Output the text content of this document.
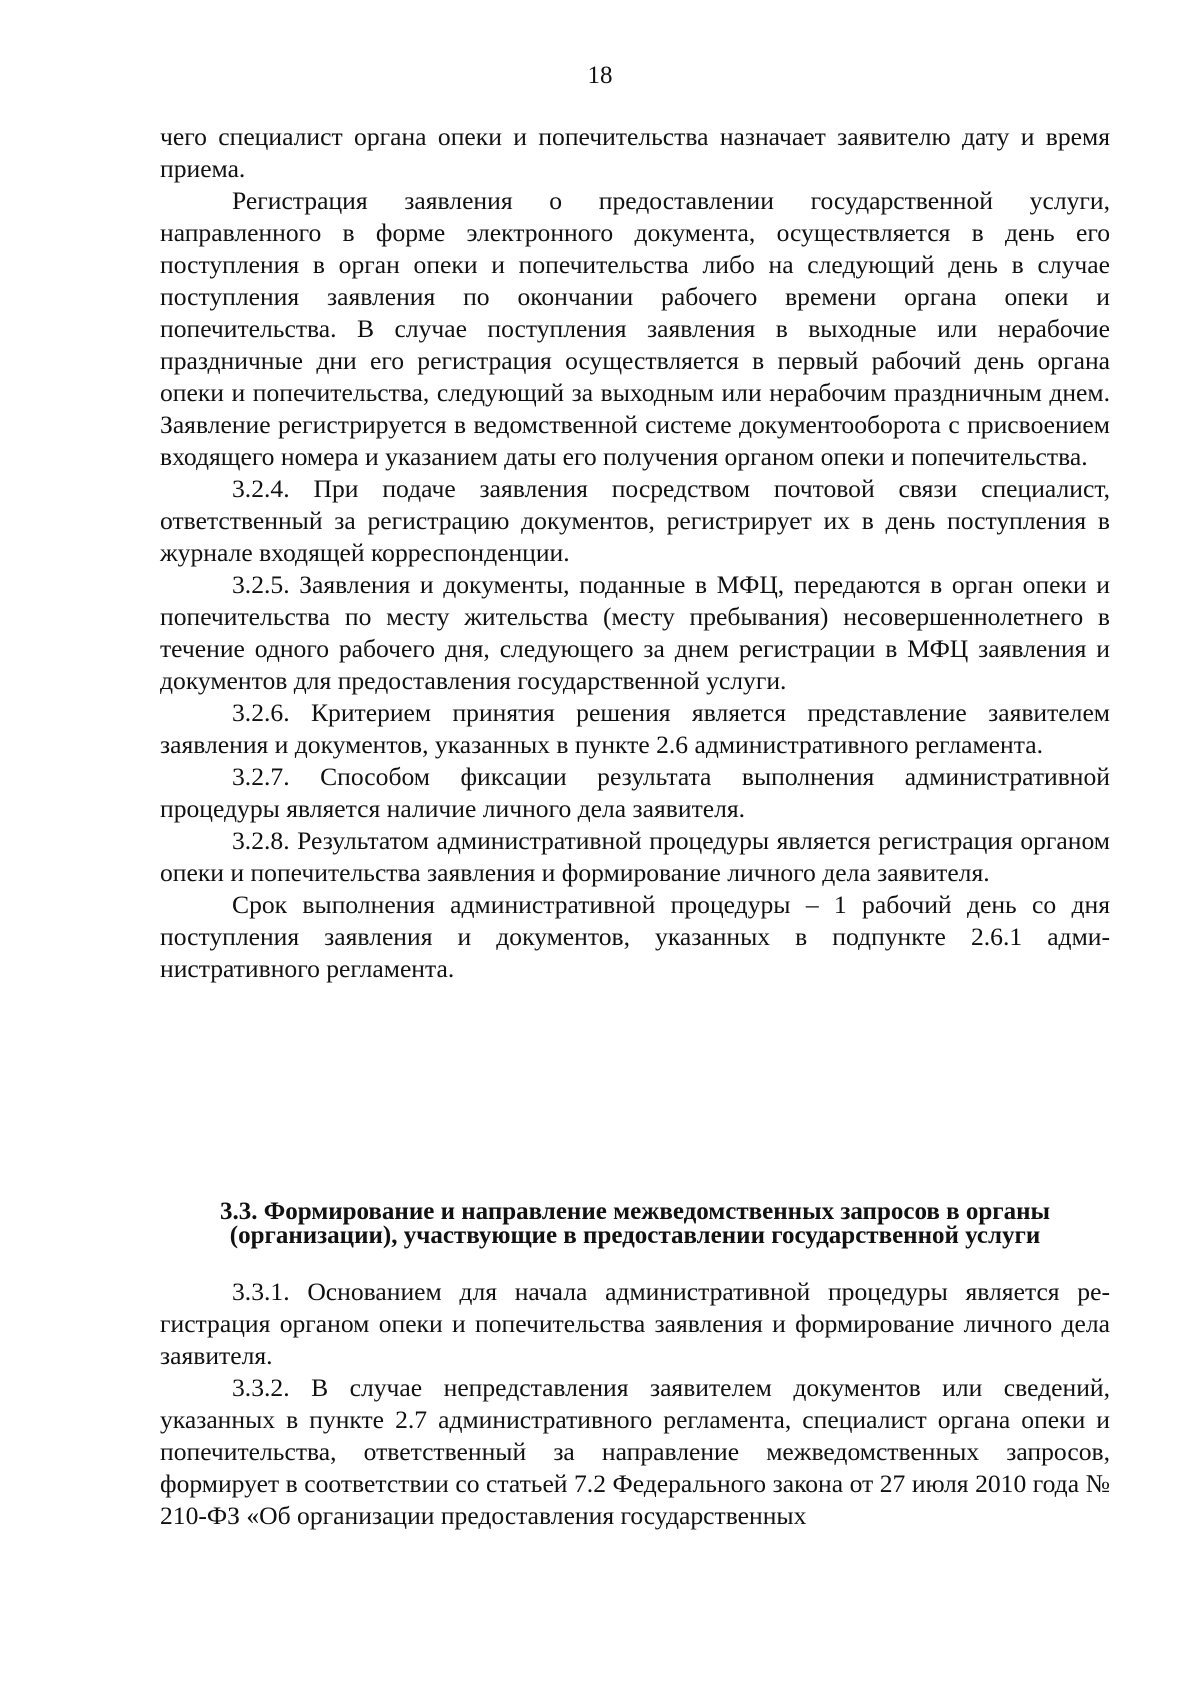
18

чего специалист органа опеки и попечительства назначает заявителю дату и время приема.

Регистрация заявления о предоставлении государственной услуги, направленного в форме электронного документа, осуществляется в день его поступления в орган опеки и попечительства либо на следующий день в случае поступления заявления по окончании рабочего времени органа опеки и попечительства. В случае поступления заявления в выходные или нерабочие праздничные дни его регистрация осуществляется в первый рабочий день органа опеки и попечительства, следующий за выходным или нерабочим праздничным днем. Заявление регистрируется в ведомственной системе документооборота с присвоением входящего номера и указанием даты его получения органом опеки и попечительства.

3.2.4. При подаче заявления посредством почтовой связи специалист, ответственный за регистрацию документов, регистрирует их в день поступления в журнале входящей корреспонденции.

3.2.5. Заявления и документы, поданные в МФЦ, передаются в орган опеки и попечительства по месту жительства (месту пребывания) несовершеннолетнего в течение одного рабочего дня, следующего за днем регистрации в МФЦ заявления и документов для предоставления государственной услуги.

3.2.6. Критерием принятия решения является представление заявителем заявления и документов, указанных в пункте 2.6 административного регламента.

3.2.7. Способом фиксации результата выполнения административной процедуры является наличие личного дела заявителя.

3.2.8. Результатом административной процедуры является регистрация органом опеки и попечительства заявления и формирование личного дела заявителя.

Срок выполнения административной процедуры – 1 рабочий день со дня поступления заявления и документов, указанных в подпункте 2.6.1 административного регламента.

3.3. Формирование и направление межведомственных запросов в органы (организации), участвующие в предоставлении государственной услуги

3.3.1. Основанием для начала административной процедуры является регистрация органом опеки и попечительства заявления и формирование личного дела заявителя.

3.3.2. В случае непредставления заявителем документов или сведений, указанных в пункте 2.7 административного регламента, специалист органа опеки и попечительства, ответственный за направление межведомственных запросов, формирует в соответствии со статьей 7.2 Федерального закона от 27 июля 2010 года № 210-ФЗ «Об организации предоставления государственных
